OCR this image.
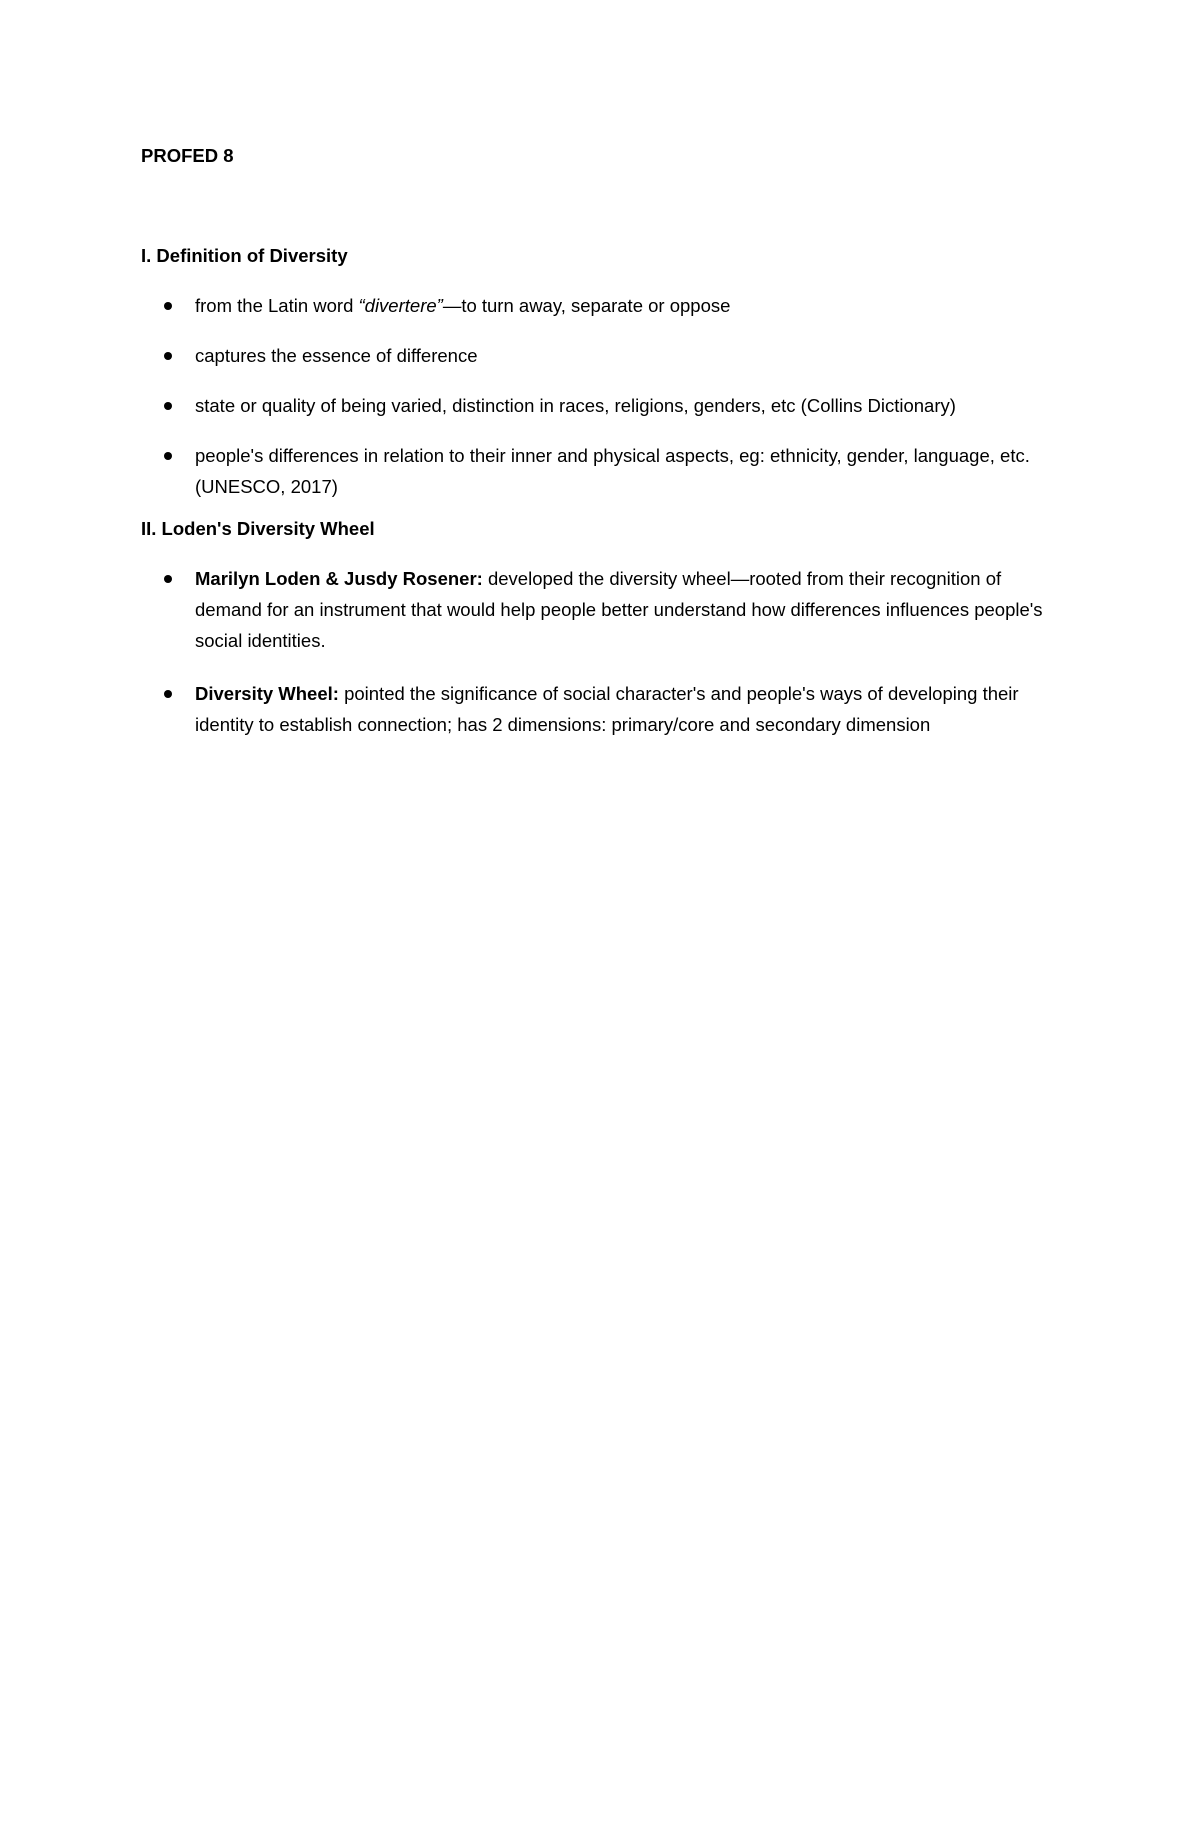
PROFED 8

I. Definition of Diversity

from the Latin word “divertere”—to turn away, separate or oppose
captures the essence of difference
state or quality of being varied, distinction in races, religions, genders, etc (Collins Dictionary)
people's differences in relation to their inner and physical aspects, eg: ethnicity, gender, language, etc. (UNESCO, 2017)

II. Loden's Diversity Wheel

Marilyn Loden & Jusdy Rosener: developed the diversity wheel—rooted from their recognition of demand for an instrument that would help people better understand how differences influences people's social identities.
Diversity Wheel: pointed the significance of social character's and people's ways of developing their identity to establish connection; has 2 dimensions: primary/core and secondary dimension
